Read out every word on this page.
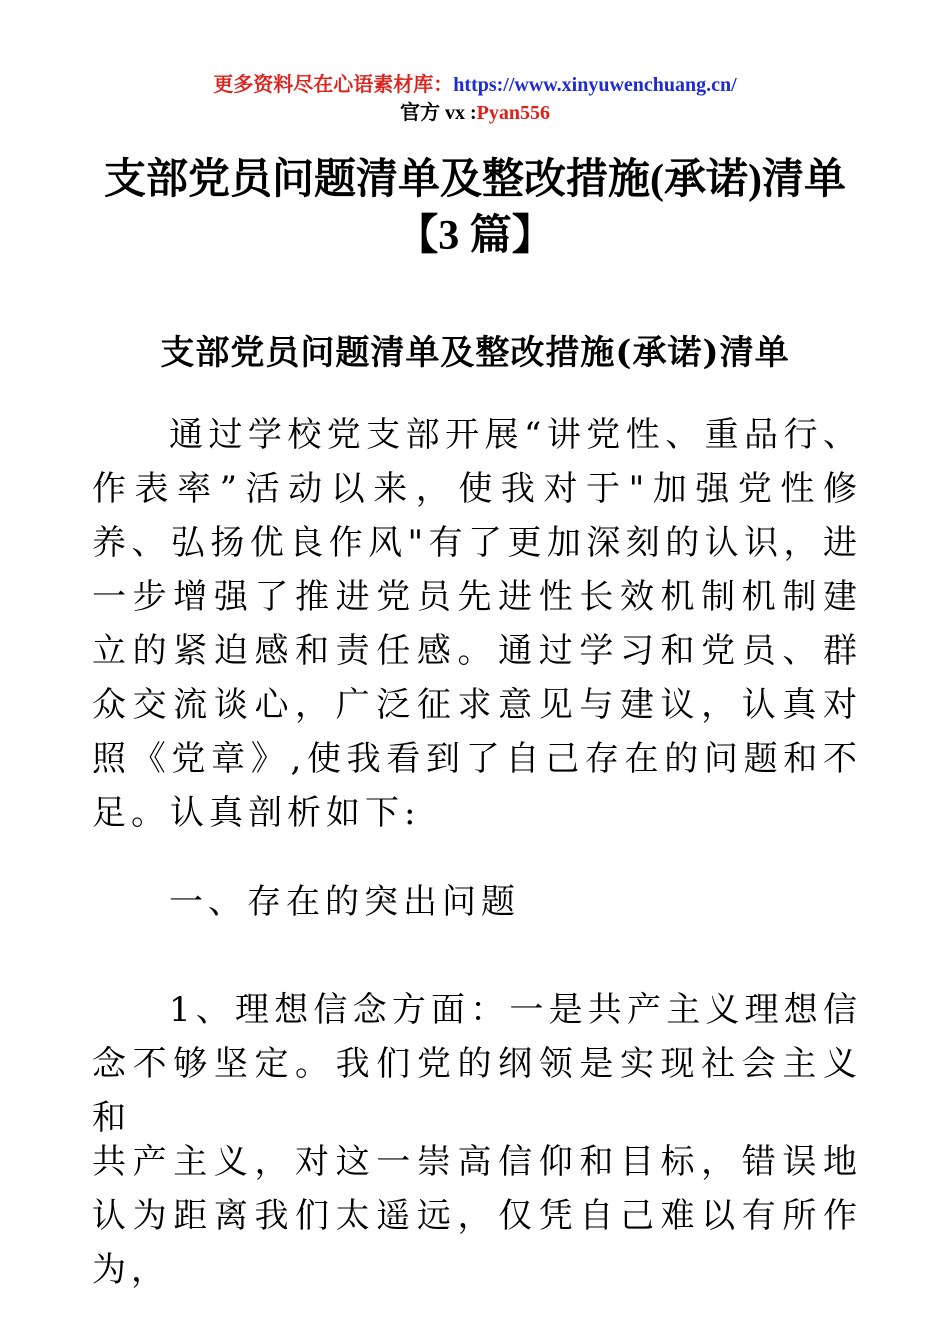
更多资料尽在心语素材库：https://www.xinyuwenchuang.cn/
官方 vx :Pyan556
支部党员问题清单及整改措施(承诺)清单
【3 篇】
支部党员问题清单及整改措施(承诺)清单

通过学校党支部开展“讲党性、重品行、作表率”活动以来，使我对于"加强党性修养、弘扬优良作风"有了更加深刻的认识，进一步增强了推进党员先进性长效机制机制建立的紧迫感和责任感。通过学习和党员、群众交流谈心，广泛征求意见与建议，认真对照《党章》,使我看到了自己存在的问题和不足。认真剖析如下:

一、存在的突出问题

1、理想信念方面：一是共产主义理想信念不够坚定。我们党的纲领是实现社会主义和

共产主义，对这一崇高信仰和目标，错误地认为距离我们太遥远，仅凭自己难以有所作为，
